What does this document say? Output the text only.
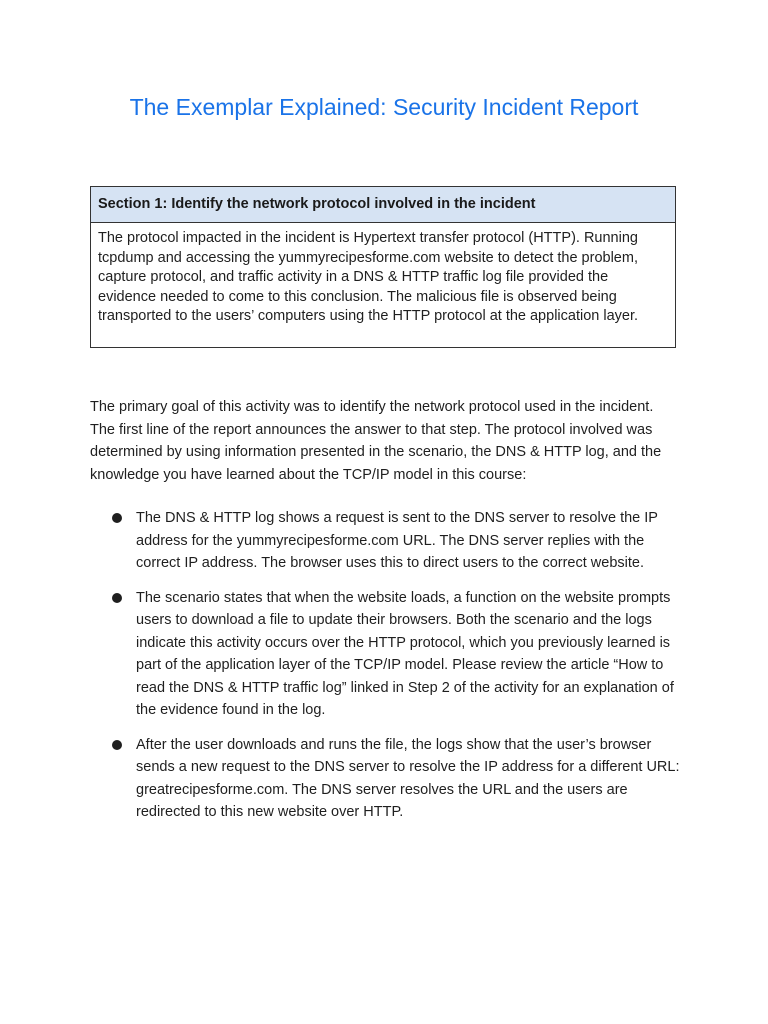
The Exemplar Explained: Security Incident Report
Section 1: Identify the network protocol involved in the incident
The protocol impacted in the incident is Hypertext transfer protocol (HTTP). Running tcpdump and accessing the yummyrecipesforme.com website to detect the problem, capture protocol, and traffic activity in a DNS & HTTP traffic log file provided the evidence needed to come to this conclusion. The malicious file is observed being transported to the users’ computers using the HTTP protocol at the application layer.

The primary goal of this activity was to identify the network protocol used in the incident. The first line of the report announces the answer to that step. The protocol involved was determined by using information presented in the scenario, the DNS & HTTP log, and the knowledge you have learned about the TCP/IP model in this course:

The DNS & HTTP log shows a request is sent to the DNS server to resolve the IP address for the yummyrecipesforme.com URL. The DNS server replies with the correct IP address. The browser uses this to direct users to the correct website.
The scenario states that when the website loads, a function on the website prompts users to download a file to update their browsers. Both the scenario and the logs indicate this activity occurs over the HTTP protocol, which you previously learned is part of the application layer of the TCP/IP model. Please review the article “How to read the DNS & HTTP traffic log” linked in Step 2 of the activity for an explanation of the evidence found in the log.
After the user downloads and runs the file, the logs show that the user’s browser sends a new request to the DNS server to resolve the IP address for a different URL: greatrecipesforme.com. The DNS server resolves the URL and the users are redirected to this new website over HTTP.
